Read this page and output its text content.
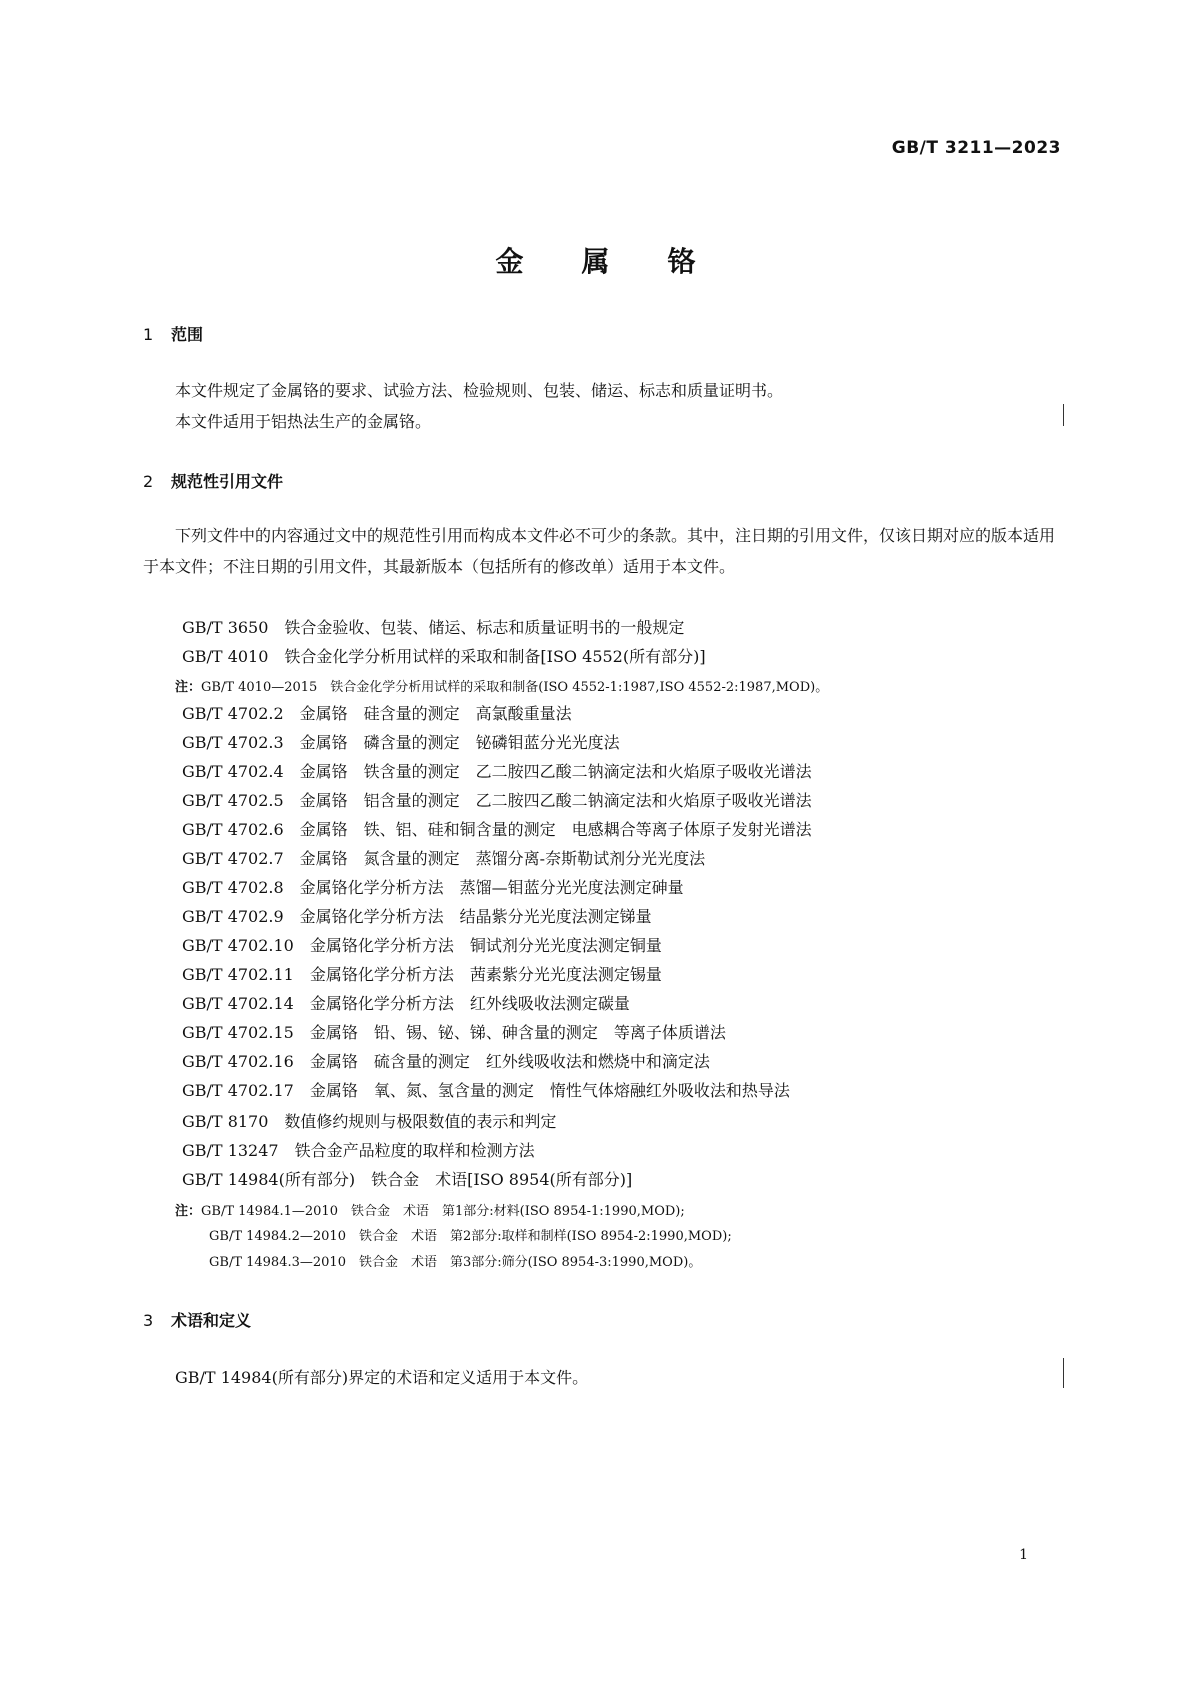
GB/T 3211—2023
金属铬
1 范围
本文件规定了金属铬的要求、试验方法、检验规则、包装、储运、标志和质量证明书。
本文件适用于铝热法生产的金属铬。
2 规范性引用文件
下列文件中的内容通过文中的规范性引用而构成本文件必不可少的条款。其中，注日期的引用文件，仅该日期对应的版本适用于本文件；不注日期的引用文件，其最新版本（包括所有的修改单）适用于本文件。
GB/T 3650 铁合金验收、包装、储运、标志和质量证明书的一般规定
GB/T 4010 铁合金化学分析用试样的采取和制备[ISO 4552(所有部分)]
GB/T 4702.2 金属铬　硅含量的测定　高氯酸重量法
GB/T 4702.3 金属铬　磷含量的测定　铋磷钼蓝分光光度法
GB/T 4702.4 金属铬　铁含量的测定　乙二胺四乙酸二钠滴定法和火焰原子吸收光谱法
GB/T 4702.5 金属铬　铝含量的测定　乙二胺四乙酸二钠滴定法和火焰原子吸收光谱法
GB/T 4702.6 金属铬　铁、铝、硅和铜含量的测定　电感耦合等离子体原子发射光谱法
GB/T 4702.7 金属铬　氮含量的测定　蒸馏分离-奈斯勒试剂分光光度法
GB/T 4702.8 金属铬化学分析方法　蒸馏—钼蓝分光光度法测定砷量
GB/T 4702.9 金属铬化学分析方法　结晶紫分光光度法测定锑量
GB/T 4702.10 金属铬化学分析方法　铜试剂分光光度法测定铜量
GB/T 4702.11 金属铬化学分析方法　茜素紫分光光度法测定锡量
GB/T 4702.14 金属铬化学分析方法　红外线吸收法测定碳量
GB/T 4702.15 金属铬　铅、锡、铋、锑、砷含量的测定　等离子体质谱法
GB/T 4702.16 金属铬　硫含量的测定　红外线吸收法和燃烧中和滴定法
GB/T 4702.17 金属铬　氧、氮、氢含量的测定　惰性气体熔融红外吸收法和热导法
GB/T 8170 数值修约规则与极限数值的表示和判定
GB/T 13247 铁合金产品粒度的取样和检测方法
GB/T 14984(所有部分) 铁合金　术语[ISO 8954(所有部分)]
注：GB/T 4010—2015　铁合金化学分析用试样的采取和制备(ISO 4552-1:1987,ISO 4552-2:1987,MOD)。
注：GB/T 14984.1—2010　铁合金　术语　第1部分:材料(ISO 8954-1:1990,MOD);
GB/T 14984.2—2010　铁合金　术语　第2部分:取样和制样(ISO 8954-2:1990,MOD);
GB/T 14984.3—2010　铁合金　术语　第3部分:筛分(ISO 8954-3:1990,MOD)。
3 术语和定义
GB/T 14984(所有部分)界定的术语和定义适用于本文件。
1
